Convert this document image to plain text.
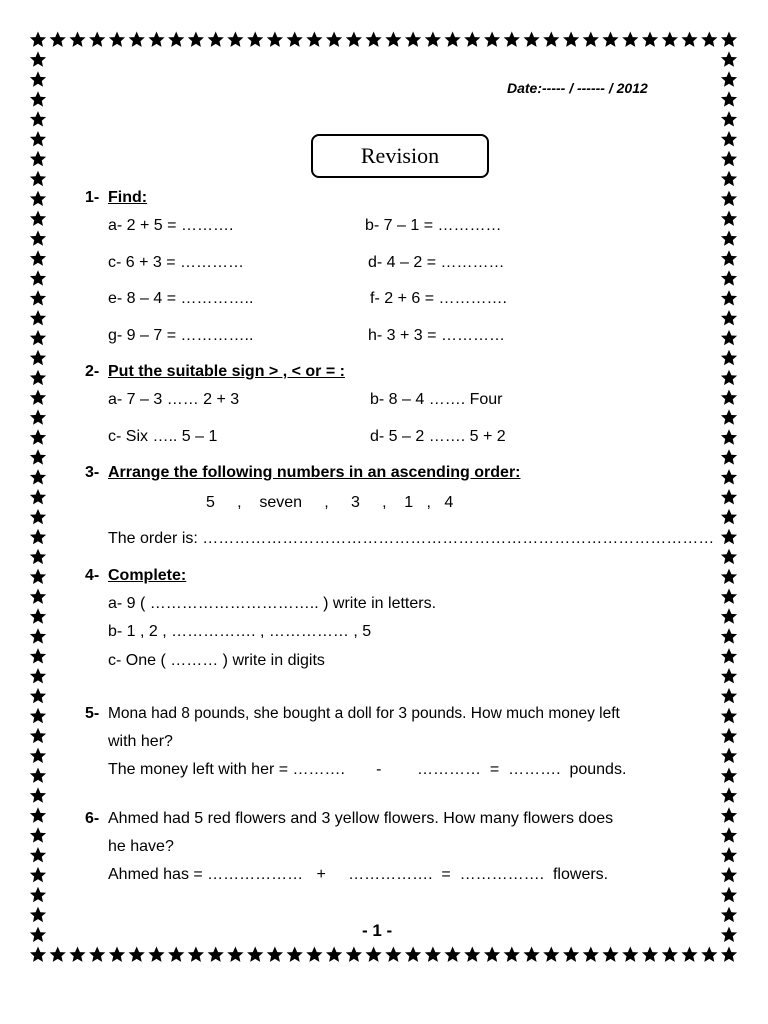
Date:----- / ------ / 2012
Revision
1- Find:
a- 2 + 5 = ……….	b- 7 – 1 = …………
c- 6 + 3 = …………	d- 4 – 2 = …………
e- 8 – 4 = …………..	f- 2 + 6 = ………….
g- 9 – 7 = …………..	h- 3 + 3 = …………
2- Put the suitable sign > , < or = :
a- 7 – 3 …… 2 + 3	b- 8 – 4 ……. Four
c- Six ….. 5 – 1	d- 5 – 2 ……. 5 + 2
3- Arrange the following numbers in an ascending order:
5     ,    seven     ,     3     ,    1   ,   4
The order is: ……………………………………………………………………………………
4- Complete:
a- 9 ( ………………………….. ) write in letters.
b- 1 , 2 , ……………. , …………… , 5
c- One ( ……… ) write in digits
5- Mona had 8 pounds, she bought a doll for 3 pounds. How much money left
with her?
The money left with her = ……….       -        …………  =  ……….  pounds.
6- Ahmed had 5 red flowers and 3 yellow flowers. How many flowers does
he have?
Ahmed has = ………………   +     …………….  =  …………….  flowers.
- 1 -
